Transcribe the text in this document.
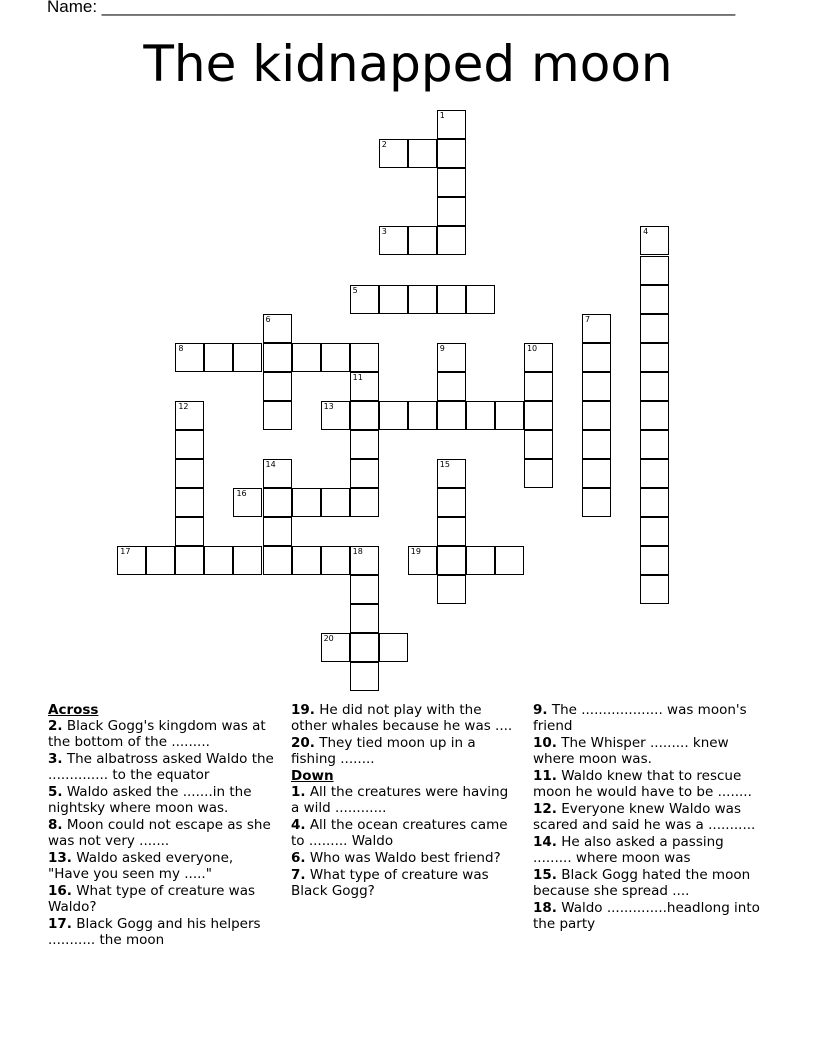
Name: ___________________________________________________________________
The kidnapped moon
1
2
3
5
4
6
8	9	10
7
11
12	13
14	15
16
17	18	19
20
Across
2. Black Gogg's kingdom was at the bottom of the .........
3. The albatross asked Waldo the .............. to the equator
5. Waldo asked the .......in the nightsky where moon was.
8. Moon could not escape as she was not very .......
13. Waldo asked everyone, "Have you seen my ....."
16. What type of creature was Waldo?
17. Black Gogg and his helpers ........... the moon
19. He did not play with the other whales because he was ....
20. They tied moon up in a fishing ........
Down
1. All the creatures were having a wild ............
4. All the ocean creatures came to ......... Waldo
6. Who was Waldo best friend?
7. What type of creature was Black Gogg?
9. The ................... was moon's friend
10. The Whisper ......... knew where moon was.
11. Waldo knew that to rescue moon he would have to be ........
12. Everyone knew Waldo was scared and said he was a ...........
14. He also asked a passing ......... where moon was
15. Black Gogg hated the moon because she spread ....
18. Waldo ..............headlong into the party
